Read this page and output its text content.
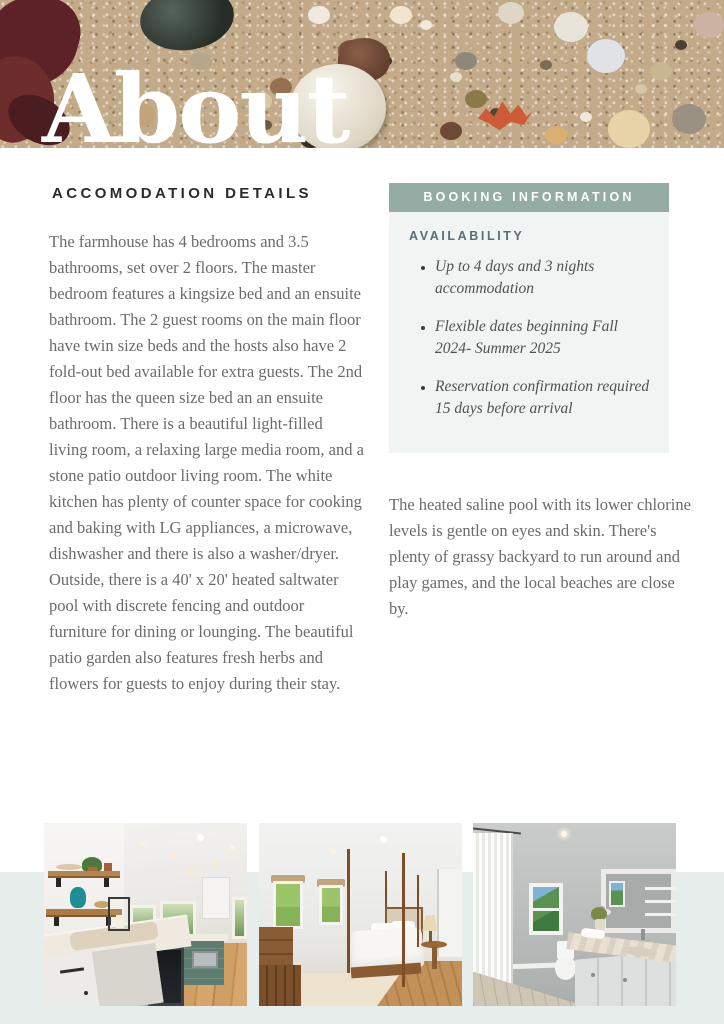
About
ACCOMODATION DETAILS

The farmhouse has 4 bedrooms and 3.5 bathrooms, set over 2 floors. The master bedroom features a kingsize bed and an ensuite bathroom. The 2 guest rooms on the main floor have twin size beds and the hosts also have 2 fold-out bed available for extra guests. The 2nd floor has the queen size bed an an ensuite bathroom. There is a beautiful light-filled living room, a relaxing large media room, and a stone patio outdoor living room. The white kitchen has plenty of counter space for cooking and baking with LG appliances, a microwave, dishwasher and there is also a washer/dryer. Outside, there is a 40' x 20' heated saltwater pool with discrete fencing and outdoor furniture for dining or lounging. The beautiful patio garden also features fresh herbs and flowers for guests to enjoy during their stay.

BOOKING INFORMATION
AVAILABILITY
• Up to 4 days and 3 nights accommodation
• Flexible dates beginning Fall 2024- Summer 2025
• Reservation confirmation required 15 days before arrival

The heated saline pool with its lower chlorine levels is gentle on eyes and skin. There's plenty of grassy backyard to run around and play games, and the local beaches are close by.
